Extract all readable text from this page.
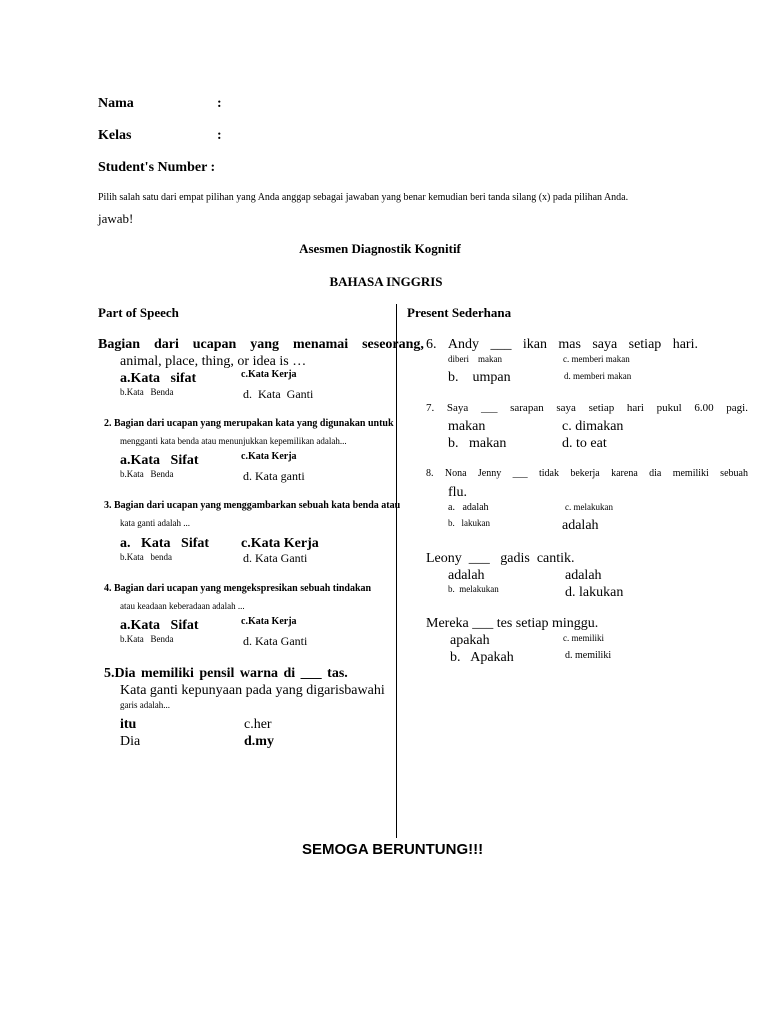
Nama	:
Kelas	:
Student's Number :
Pilih salah satu dari empat pilihan yang Anda anggap sebagai jawaban yang benar kemudian beri tanda silang (x) pada pilihan Anda.
jawab!
Asesmen Diagnostik Kognitif
BAHASA INGGRIS
Part of Speech	Present Sederhana
Bagian dari ucapan yang menamai seseorang,
animal, place, thing, or idea is …
a.Kata   sifat	c.Kata Kerja
b.Kata   Benda	d.  Kata  Ganti
2. Bagian dari ucapan yang merupakan kata yang digunakan untuk
mengganti kata benda atau menunjukkan kepemilikan adalah...
a.Kata   Sifat	c.Kata Kerja
b.Kata   Benda	d. Kata ganti
3. Bagian dari ucapan yang menggambarkan sebuah kata benda atau
kata ganti adalah ...
a.   Kata   Sifat c.Kata Kerja
b.Kata   benda	d. Kata Ganti
4. Bagian dari ucapan yang mengekspresikan sebuah tindakan
atau keadaan keberadaan adalah ...
a.Kata   Sifat	c.Kata Kerja
b.Kata   Benda	d. Kata Ganti
5.Dia memiliki pensil warna di ___ tas.
Kata ganti kepunyaan pada yang digarisbawahi
garis adalah...
itu	c.her
Dia	d.my
6. Andy ___ ikan mas saya setiap hari.
diberi    makan	c. memberi makan
b.    umpan	d. memberi makan
7. Saya ___ sarapan saya setiap hari pukul 6.00 pagi.
makan	c. dimakan
b.   makan	d. to eat
8. Nona Jenny ___ tidak bekerja karena dia memiliki sebuah
flu.
a.   adalah	c. melakukan
b.   lakukan	adalah
Leony  ___   gadis  cantik.
adalah	adalah
b.  melakukan	d. lakukan
Mereka ___ tes setiap minggu.
apakah	c. memiliki
b.   Apakah	d. memiliki
SEMOGA BERUNTUNG!!!
